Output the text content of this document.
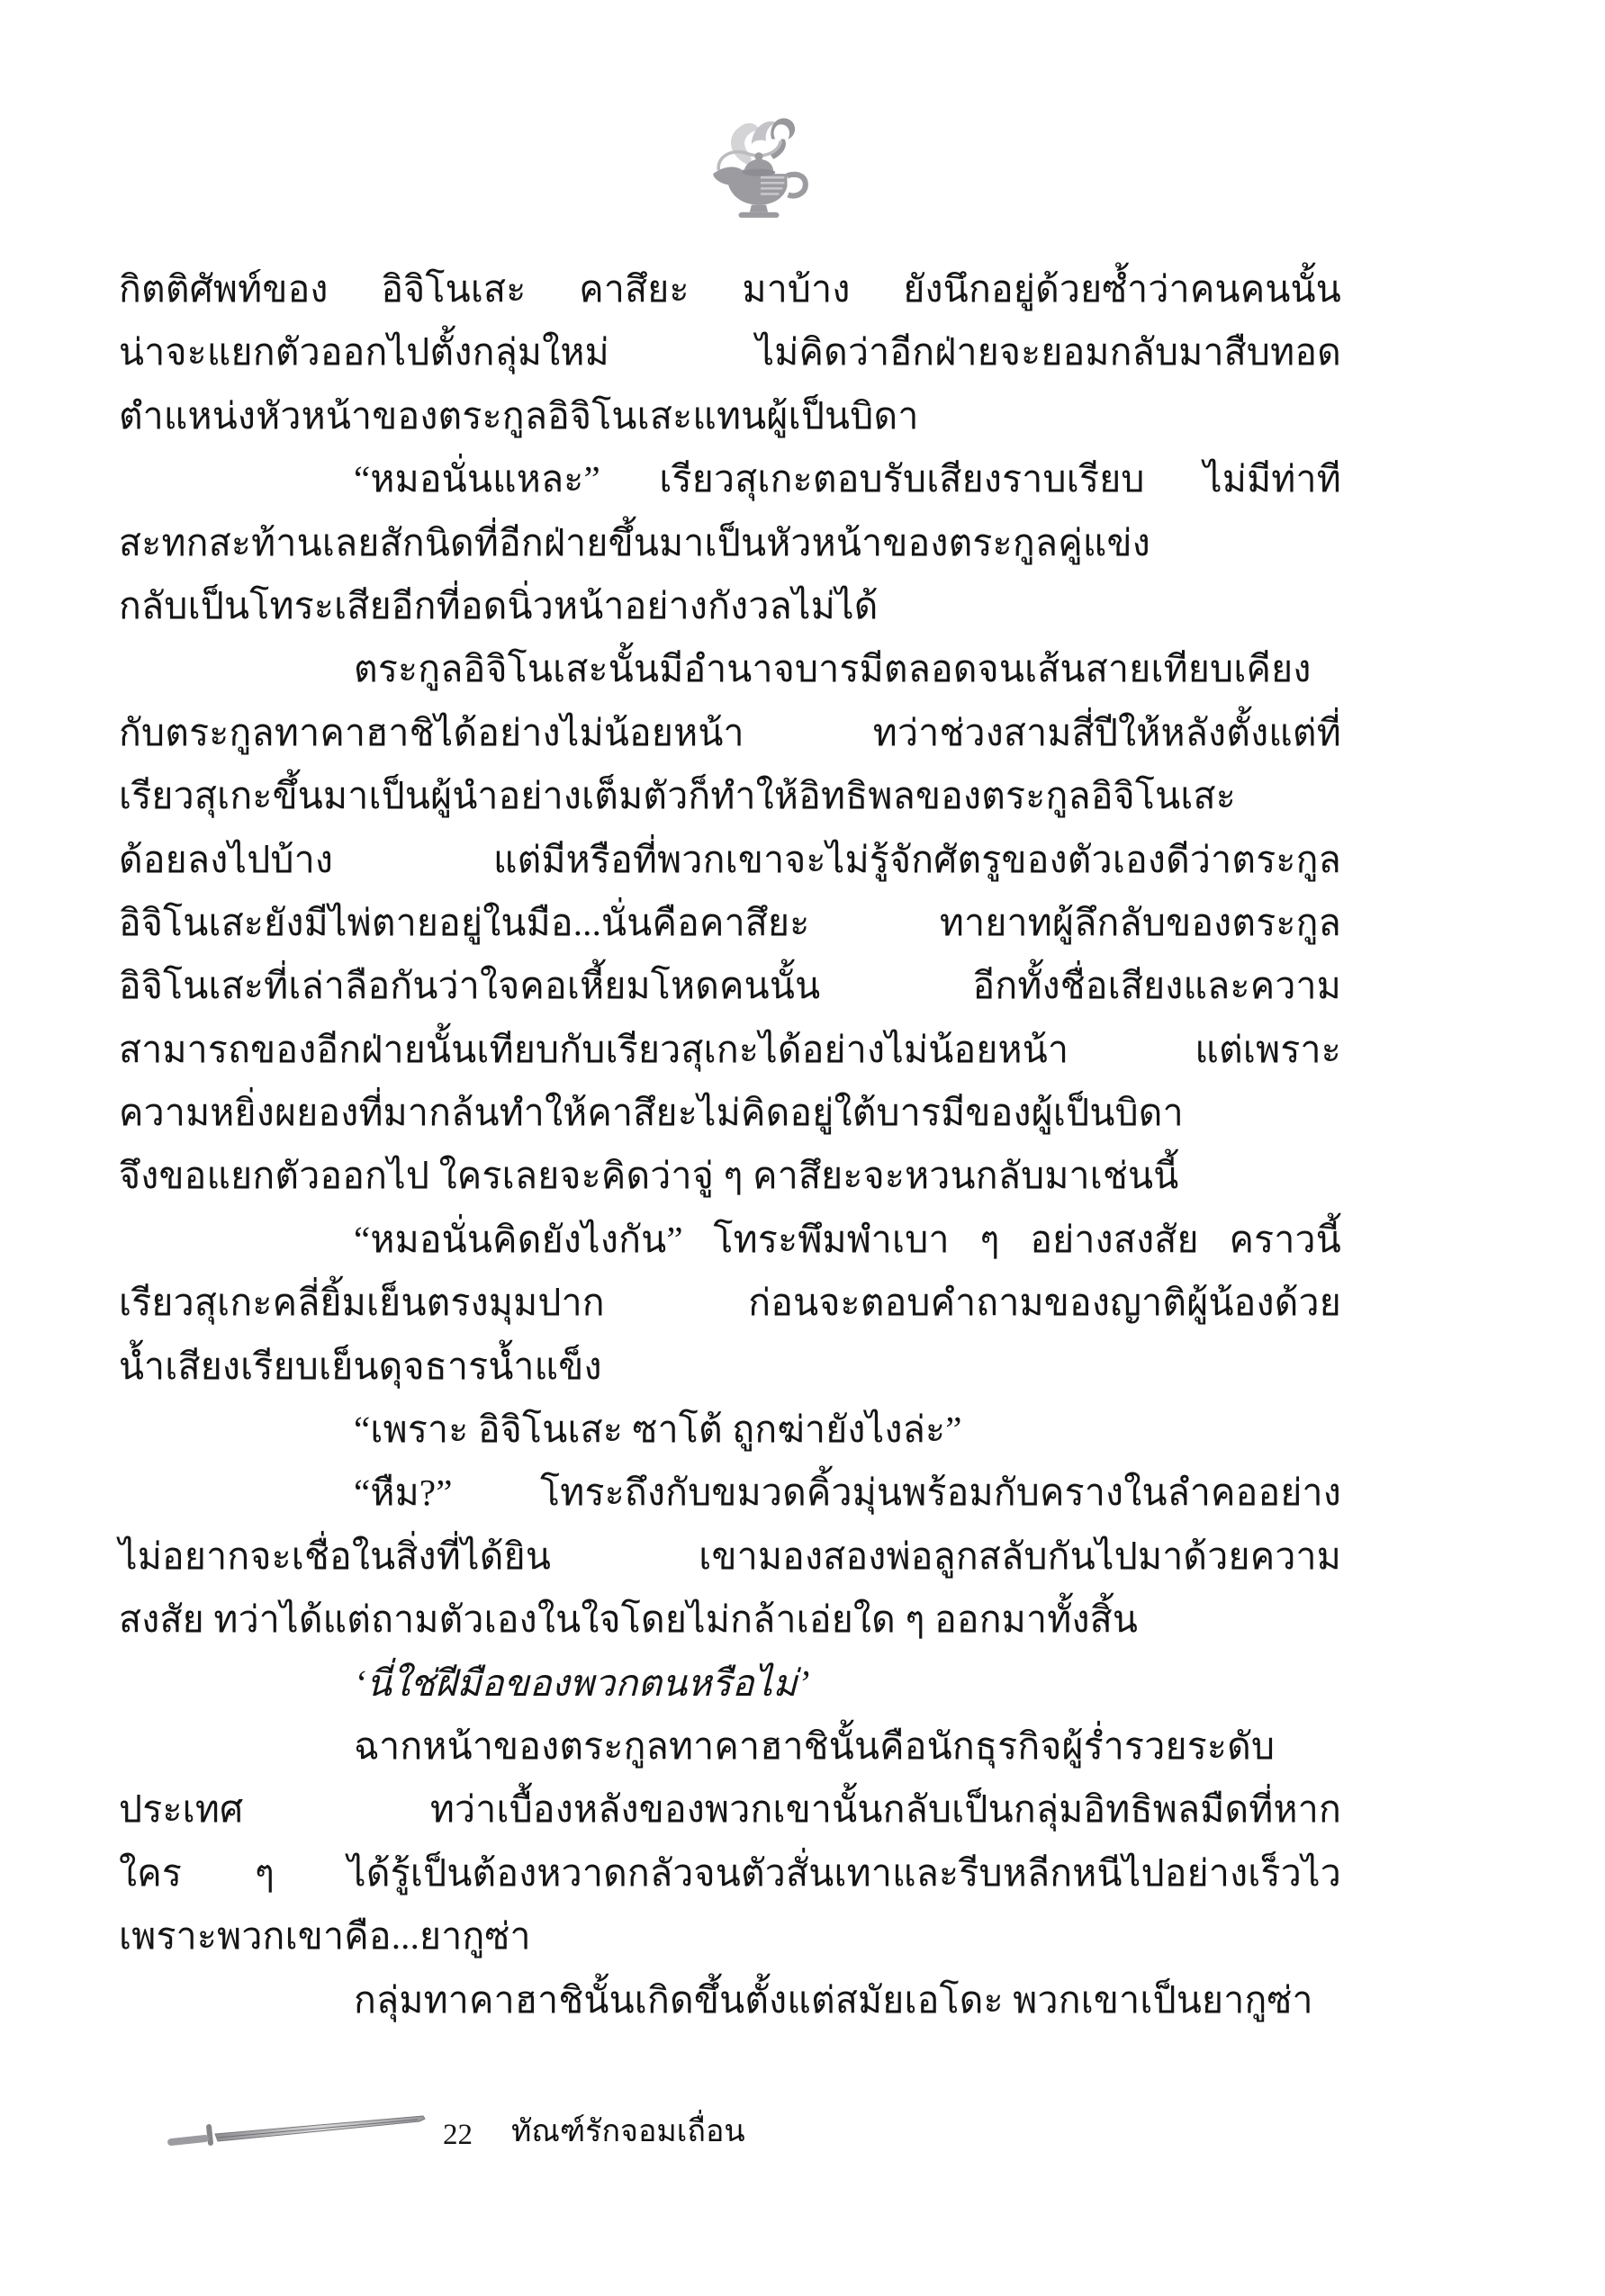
กิตติศัพท์ของ อิจิโนเสะ คาสึยะ มาบ้าง ยังนึกอยู่ด้วยซ้ำว่าคนคนนั้น
น่าจะแยกตัวออกไปตั้งกลุ่มใหม่ ไม่คิดว่าอีกฝ่ายจะยอมกลับมาสืบทอด
ตำแหน่งหัวหน้าของตระกูลอิจิโนเสะแทนผู้เป็นบิดา
“หมอนั่นแหละ” เรียวสุเกะตอบรับเสียงราบเรียบ ไม่มีท่าที
สะทกสะท้านเลยสักนิดที่อีกฝ่ายขึ้นมาเป็นหัวหน้าของตระกูลคู่แข่ง
กลับเป็นโทระเสียอีกที่อดนิ่วหน้าอย่างกังวลไม่ได้
ตระกูลอิจิโนเสะนั้นมีอำนาจบารมีตลอดจนเส้นสายเทียบเคียง
กับตระกูลทาคาฮาชิได้อย่างไม่น้อยหน้า ทว่าช่วงสามสี่ปีให้หลังตั้งแต่ที่
เรียวสุเกะขึ้นมาเป็นผู้นำอย่างเต็มตัวก็ทำให้อิทธิพลของตระกูลอิจิโนเสะ
ด้อยลงไปบ้าง แต่มีหรือที่พวกเขาจะไม่รู้จักศัตรูของตัวเองดีว่าตระกูล
อิจิโนเสะยังมีไพ่ตายอยู่ในมือ...นั่นคือคาสึยะ ทายาทผู้ลึกลับของตระกูล
อิจิโนเสะที่เล่าลือกันว่าใจคอเหี้ยมโหดคนนั้น อีกทั้งชื่อเสียงและความ
สามารถของอีกฝ่ายนั้นเทียบกับเรียวสุเกะได้อย่างไม่น้อยหน้า แต่เพราะ
ความหยิ่งผยองที่มากล้นทำให้คาสึยะไม่คิดอยู่ใต้บารมีของผู้เป็นบิดา
จึงขอแยกตัวออกไป ใครเลยจะคิดว่าจู่ ๆ คาสึยะจะหวนกลับมาเช่นนี้
“หมอนั่นคิดยังไงกัน” โทระพึมพำเบา ๆ อย่างสงสัย คราวนี้
เรียวสุเกะคลี่ยิ้มเย็นตรงมุมปาก ก่อนจะตอบคำถามของญาติผู้น้องด้วย
น้ำเสียงเรียบเย็นดุจธารน้ำแข็ง
“เพราะ อิจิโนเสะ ซาโต้ ถูกฆ่ายังไงล่ะ”
“หืม?” โทระถึงกับขมวดคิ้วมุ่นพร้อมกับครางในลำคออย่าง
ไม่อยากจะเชื่อในสิ่งที่ได้ยิน เขามองสองพ่อลูกสลับกันไปมาด้วยความ
สงสัย ทว่าได้แต่ถามตัวเองในใจโดยไม่กล้าเอ่ยใด ๆ ออกมาทั้งสิ้น
‘นี่ใช่ฝีมือของพวกตนหรือไม่’
ฉากหน้าของตระกูลทาคาฮาชินั้นคือนักธุรกิจผู้ร่ำรวยระดับ
ประเทศ ทว่าเบื้องหลังของพวกเขานั้นกลับเป็นกลุ่มอิทธิพลมืดที่หาก
ใคร ๆ ได้รู้เป็นต้องหวาดกลัวจนตัวสั่นเทาและรีบหลีกหนีไปอย่างเร็วไว
เพราะพวกเขาคือ...ยากูซ่า
กลุ่มทาคาฮาชินั้นเกิดขึ้นตั้งแต่สมัยเอโดะ พวกเขาเป็นยากูซ่า
22 ทัณฑ์รักจอมเถื่อน
